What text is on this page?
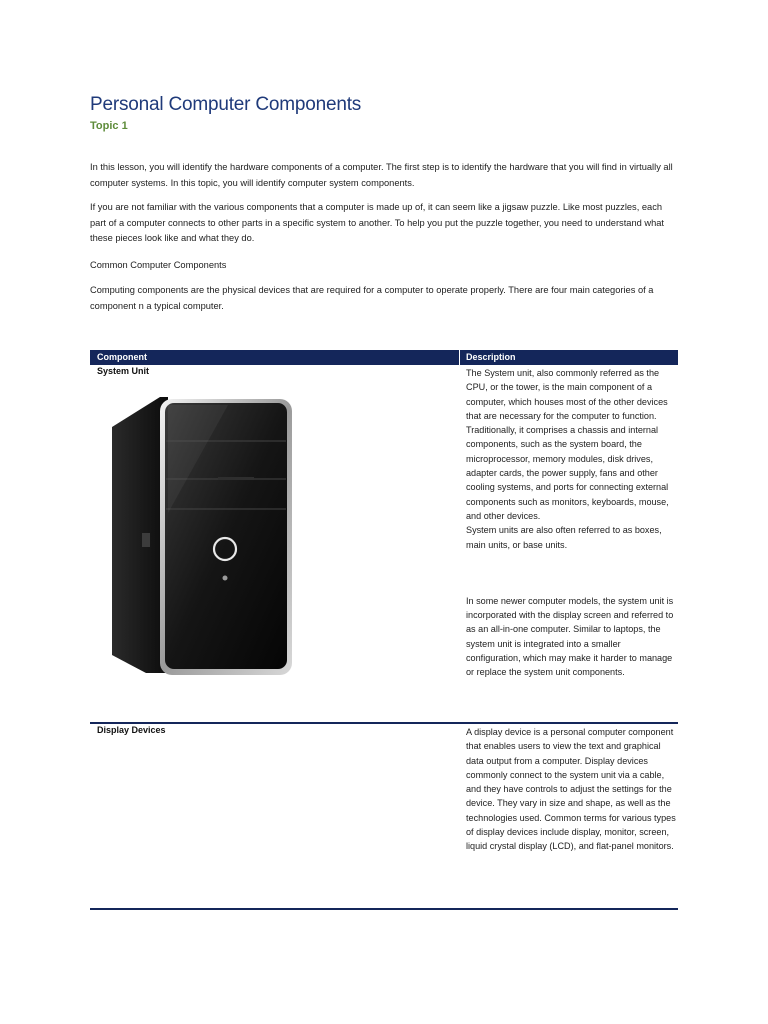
Personal Computer Components
Topic 1
In this lesson, you will identify the hardware components of a computer. The first step is to identify the hardware that you will find in virtually all computer systems. In this topic, you will identify computer system components.
If you are not familiar with the various components that a computer is made up of, it can seem like a jigsaw puzzle. Like most puzzles, each part of a computer connects to other parts in a specific system to another. To help you put the puzzle together, you need to understand what these pieces look like and what they do.
Common Computer Components
Computing components are the physical devices that are required for a computer to operate properly. There are four main categories of a component n a typical computer.
Component	Description
System Unit	The System unit, also commonly referred as the CPU, or the tower, is the main component of a computer, which houses most of the other devices that are necessary for the computer to function. Traditionally, it comprises a chassis and internal components, such as the system board, the microprocessor, memory modules, disk drives, adapter cards, the power supply, fans and other cooling systems, and ports for connecting external components such as monitors, keyboards, mouse, and other devices.
System units are also often referred to as boxes, main units, or base units.
In some newer computer models, the system unit is incorporated with the display screen and referred to as an all-in-one computer. Similar to laptops, the system unit is integrated into a smaller configuration, which may make it harder to manage or replace the system unit components.
Display Devices	A display device is a personal computer component that enables users to view the text and graphical data output from a computer. Display devices
commonly connect to the system unit via a cable, and they have controls to adjust the settings for the device. They vary in size and shape, as well as the technologies used. Common terms for various types of display devices include display, monitor, screen, liquid crystal display (LCD), and flat-panel monitors.
